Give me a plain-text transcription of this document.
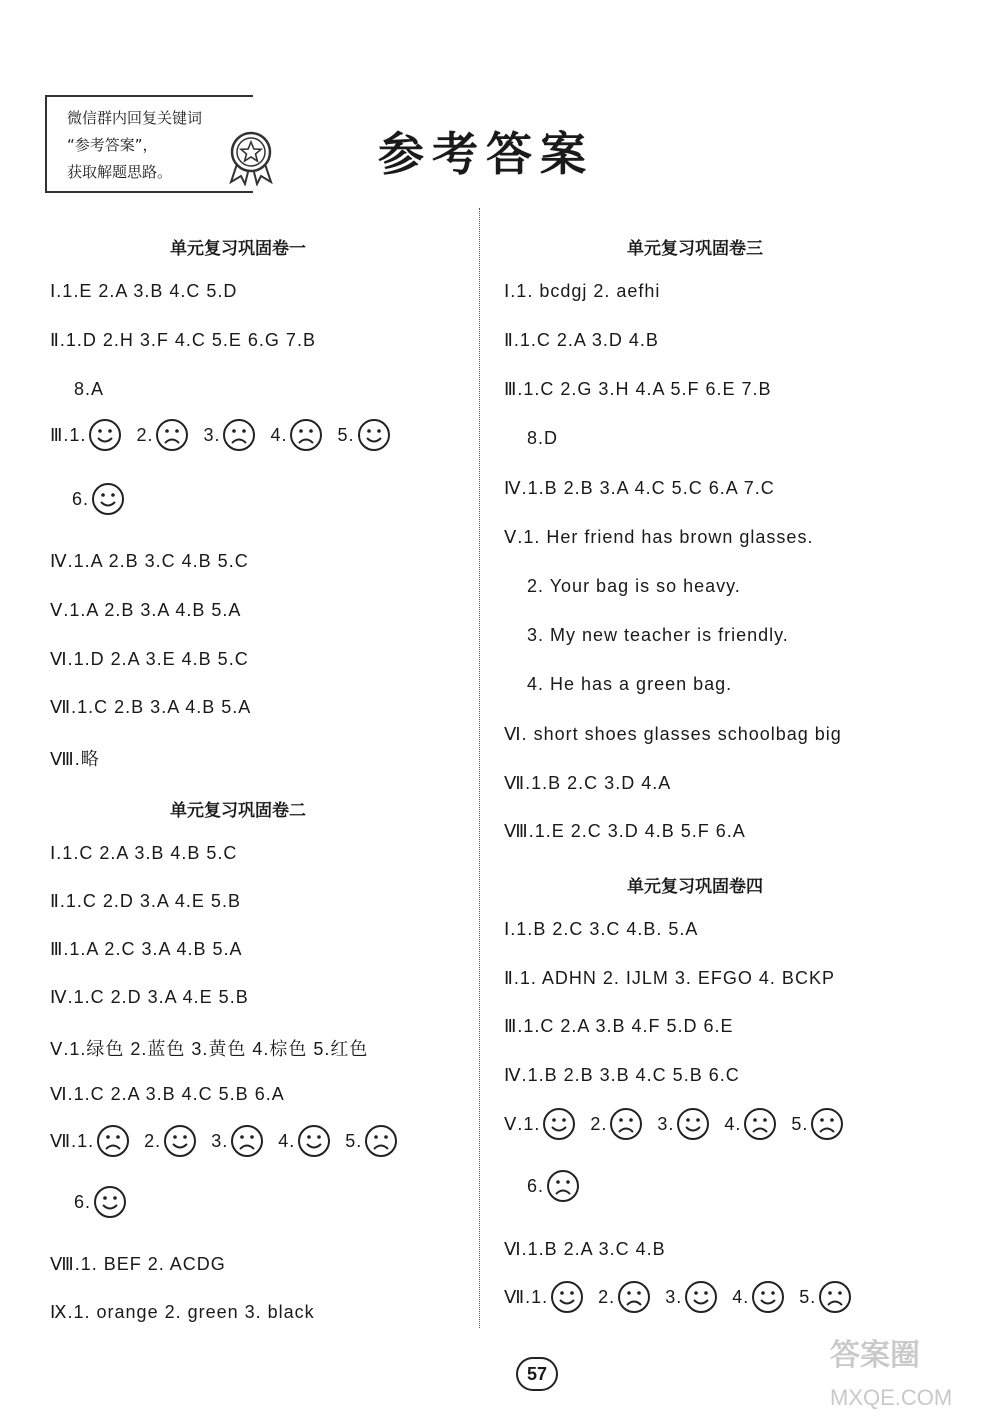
微信群内回复关键词
“参考答案”，
获取解题思路。	参考答案
单元复习巩固卷一
Ⅰ.1.E 2.A 3.B 4.C 5.D
Ⅱ.1.D 2.H 3.F 4.C 5.E 6.G 7.B
8.A
Ⅲ.1.	2.	3.	4.	5.
6.
Ⅳ.1.A 2.B 3.C 4.B 5.C
Ⅴ.1.A 2.B 3.A 4.B 5.A
Ⅵ.1.D 2.A 3.E 4.B 5.C
Ⅶ.1.C 2.B 3.A 4.B 5.A
Ⅷ.略
单元复习巩固卷二
Ⅰ.1.C 2.A 3.B 4.B 5.C
Ⅱ.1.C 2.D 3.A 4.E 5.B
Ⅲ.1.A 2.C 3.A 4.B 5.A
Ⅳ.1.C 2.D 3.A 4.E 5.B
Ⅴ.1.绿色 2.蓝色 3.黄色 4.棕色 5.红色
Ⅵ.1.C 2.A 3.B 4.C 5.B 6.A
Ⅶ.1.	2.	3.	4.	5.
6.
Ⅷ.1. BEF 2. ACDG
Ⅸ.1. orange 2. green 3. black
单元复习巩固卷三
Ⅰ.1. bcdgj 2. aefhi
Ⅱ.1.C 2.A 3.D 4.B
Ⅲ.1.C 2.G 3.H 4.A 5.F 6.E 7.B
8.D
Ⅳ.1.B 2.B 3.A 4.C 5.C 6.A 7.C
Ⅴ.1. Her friend has brown glasses.
2. Your bag is so heavy.
3. My new teacher is friendly.
4. He has a green bag.
Ⅵ. short shoes glasses schoolbag big
Ⅶ.1.B 2.C 3.D 4.A
Ⅷ.1.E 2.C 3.D 4.B 5.F 6.A
单元复习巩固卷四
Ⅰ.1.B 2.C 3.C 4.B. 5.A
Ⅱ.1. ADHN 2. IJLM 3. EFGO 4. BCKP
Ⅲ.1.C 2.A 3.B 4.F 5.D 6.E
Ⅳ.1.B 2.B 3.B 4.C 5.B 6.C
Ⅴ.1.	2.	3.	4.	5.
6.
Ⅵ.1.B 2.A 3.C 4.B
Ⅶ.1.	2.	3.	4.	5.
57
答案圈
MXQE.COM
